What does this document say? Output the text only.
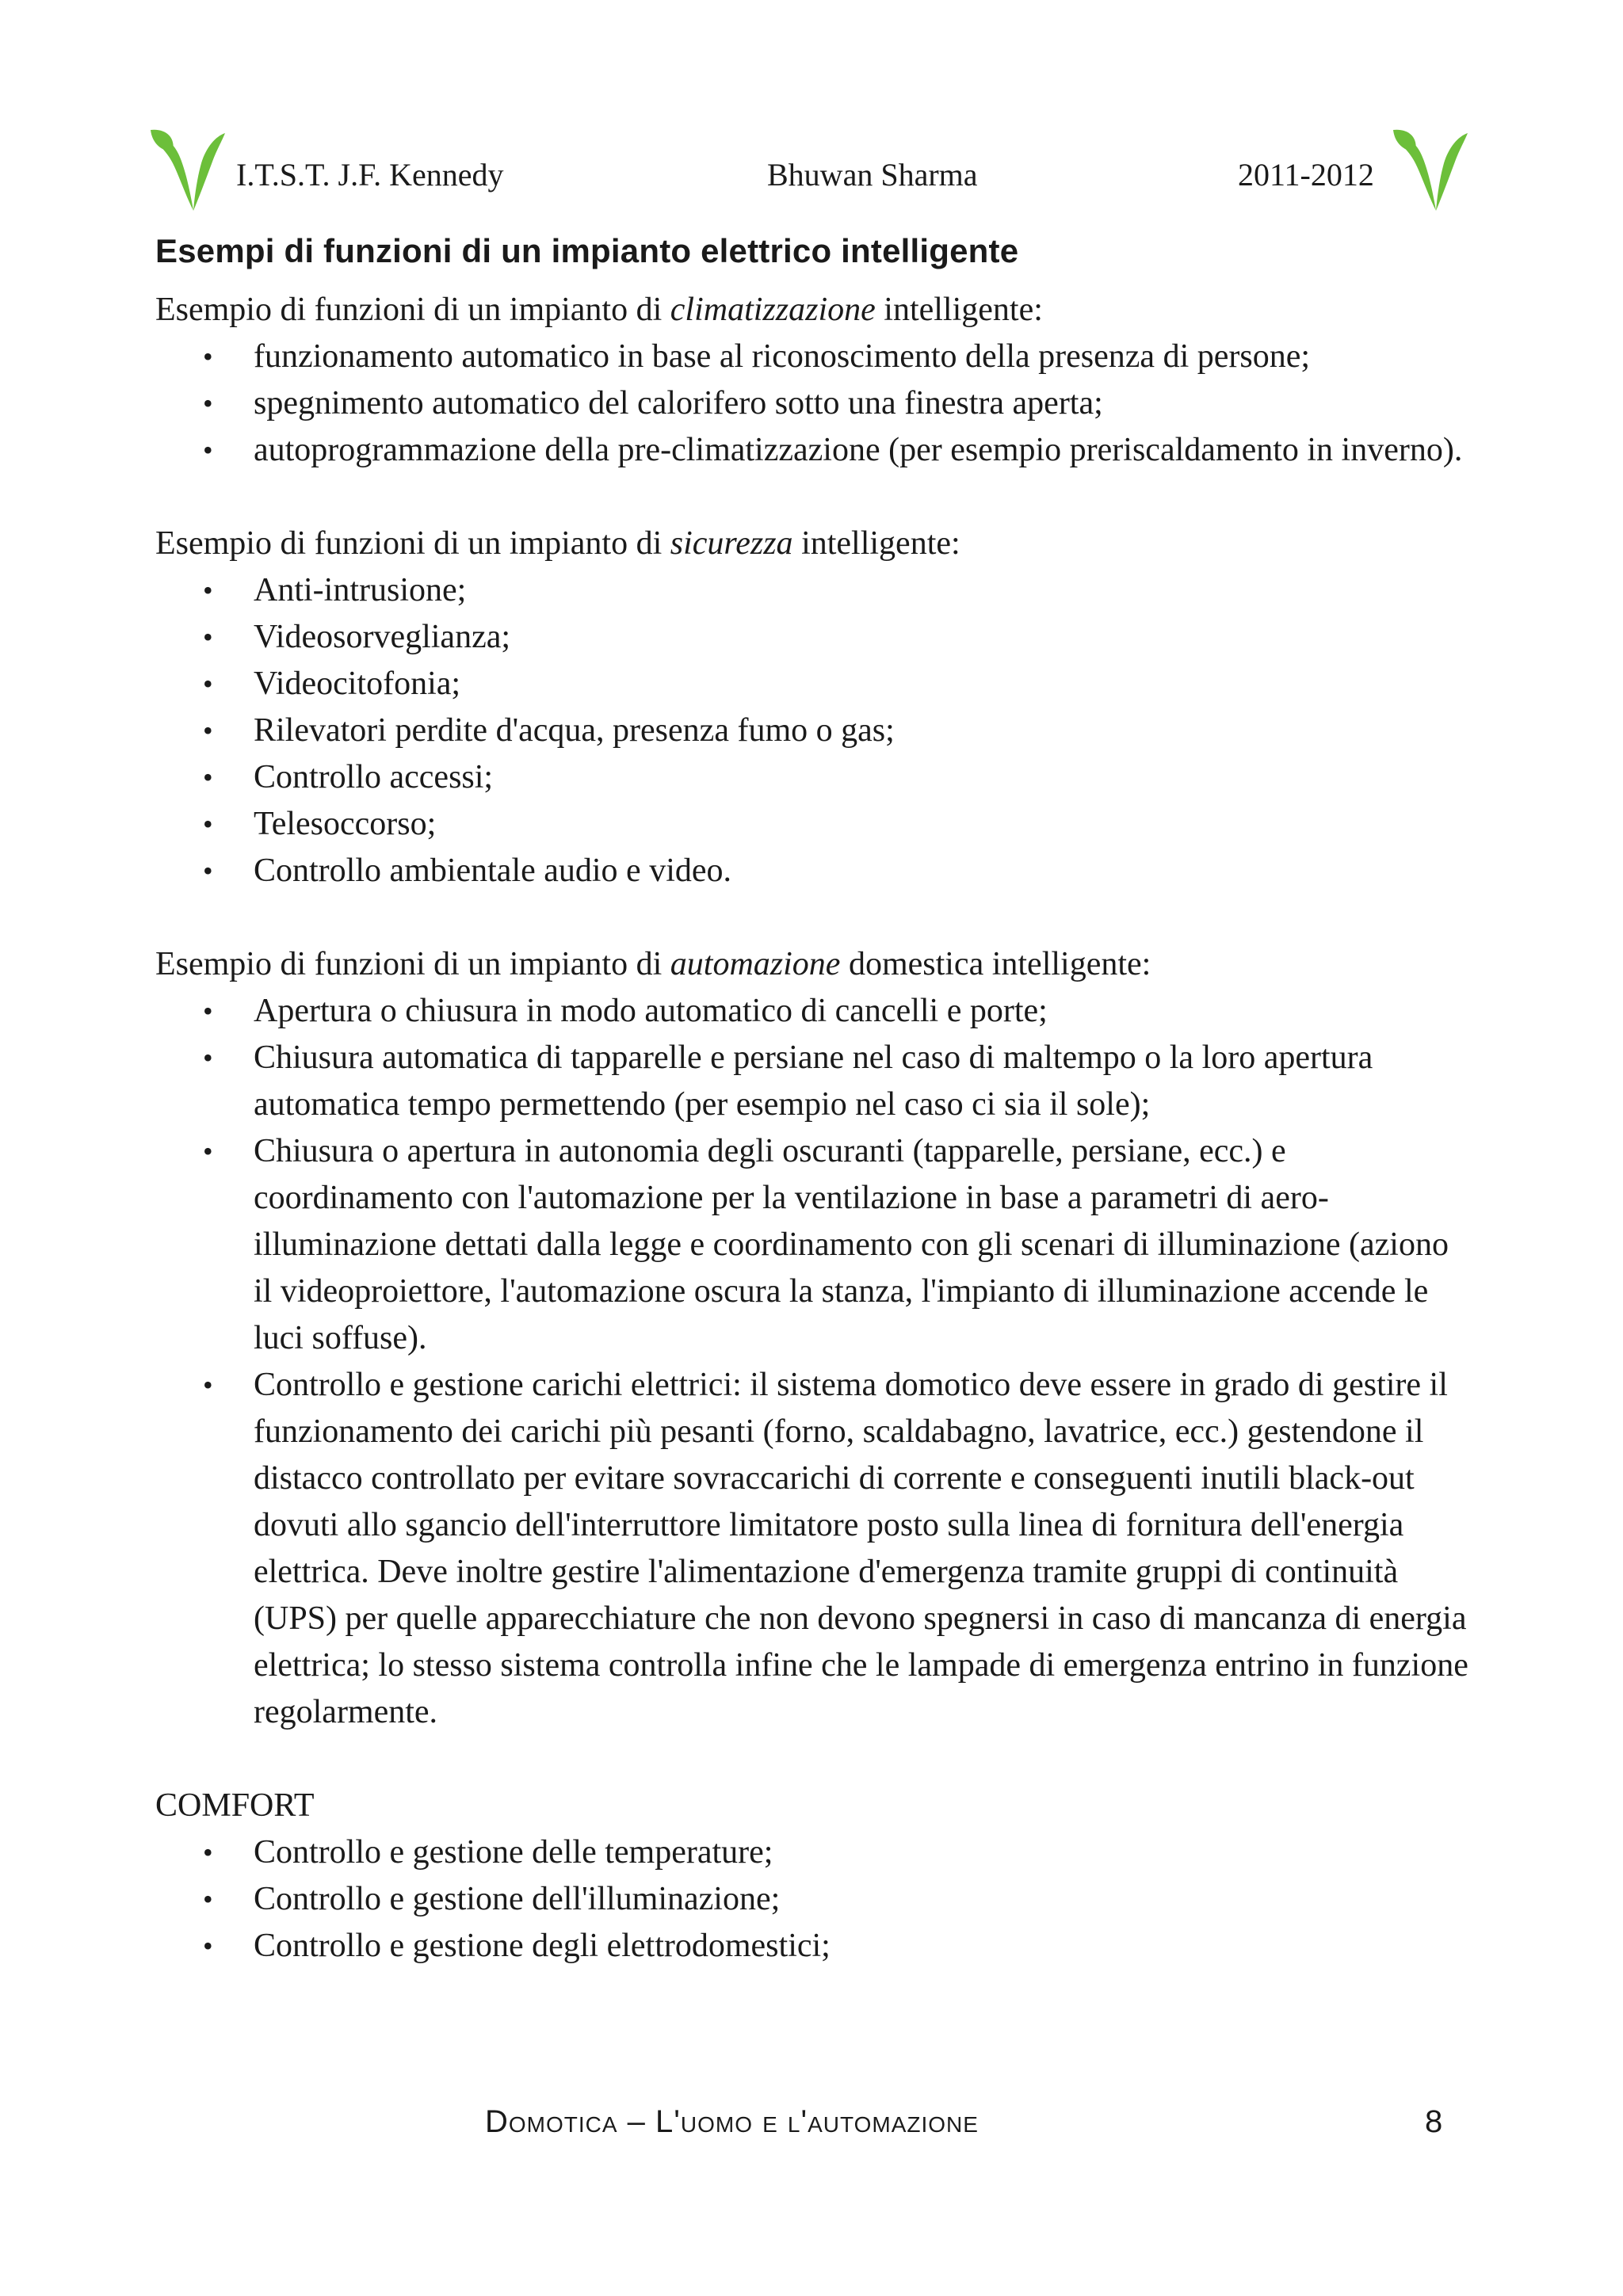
I.T.S.T. J.F. Kennedy	Bhuwan Sharma	2011-2012
Esempi di funzioni di un impianto elettrico intelligente

Esempio di funzioni di un impianto di climatizzazione intelligente:

• funzionamento automatico in base al riconoscimento della presenza di persone;
• spegnimento automatico del calorifero sotto una finestra aperta;
• autoprogrammazione della pre-climatizzazione (per esempio preriscaldamento in inverno).

Esempio di funzioni di un impianto di sicurezza intelligente:

• Anti-intrusione;
• Videosorveglianza;
• Videocitofonia;
• Rilevatori perdite d'acqua, presenza fumo o gas;
• Controllo accessi;
• Telesoccorso;
• Controllo ambientale audio e video.

Esempio di funzioni di un impianto di automazione domestica intelligente:

• Apertura o chiusura in modo automatico di cancelli e porte;
• Chiusura automatica di tapparelle e persiane nel caso di maltempo o la loro apertura automatica tempo permettendo (per esempio nel caso ci sia il sole);
• Chiusura o apertura in autonomia degli oscuranti (tapparelle, persiane, ecc.) e coordinamento con l'automazione per la ventilazione in base a parametri di aero-illuminazione dettati dalla legge e coordinamento con gli scenari di illuminazione (aziono il videoproiettore, l'automazione oscura la stanza, l'impianto di illuminazione accende le luci soffuse).
• Controllo e gestione carichi elettrici: il sistema domotico deve essere in grado di gestire il funzionamento dei carichi più pesanti (forno, scaldabagno, lavatrice, ecc.) gestendone il distacco controllato per evitare sovraccarichi di corrente e conseguenti inutili black-out dovuti allo sgancio dell'interruttore limitatore posto sulla linea di fornitura dell'energia elettrica. Deve inoltre gestire l'alimentazione d'emergenza tramite gruppi di continuità (UPS) per quelle apparecchiature che non devono spegnersi in caso di mancanza di energia elettrica; lo stesso sistema controlla infine che le lampade di emergenza entrino in funzione regolarmente.

COMFORT

• Controllo e gestione delle temperature;
• Controllo e gestione dell'illuminazione;
• Controllo e gestione degli elettrodomestici;
Domotica – L'uomo e l'automazione	8
